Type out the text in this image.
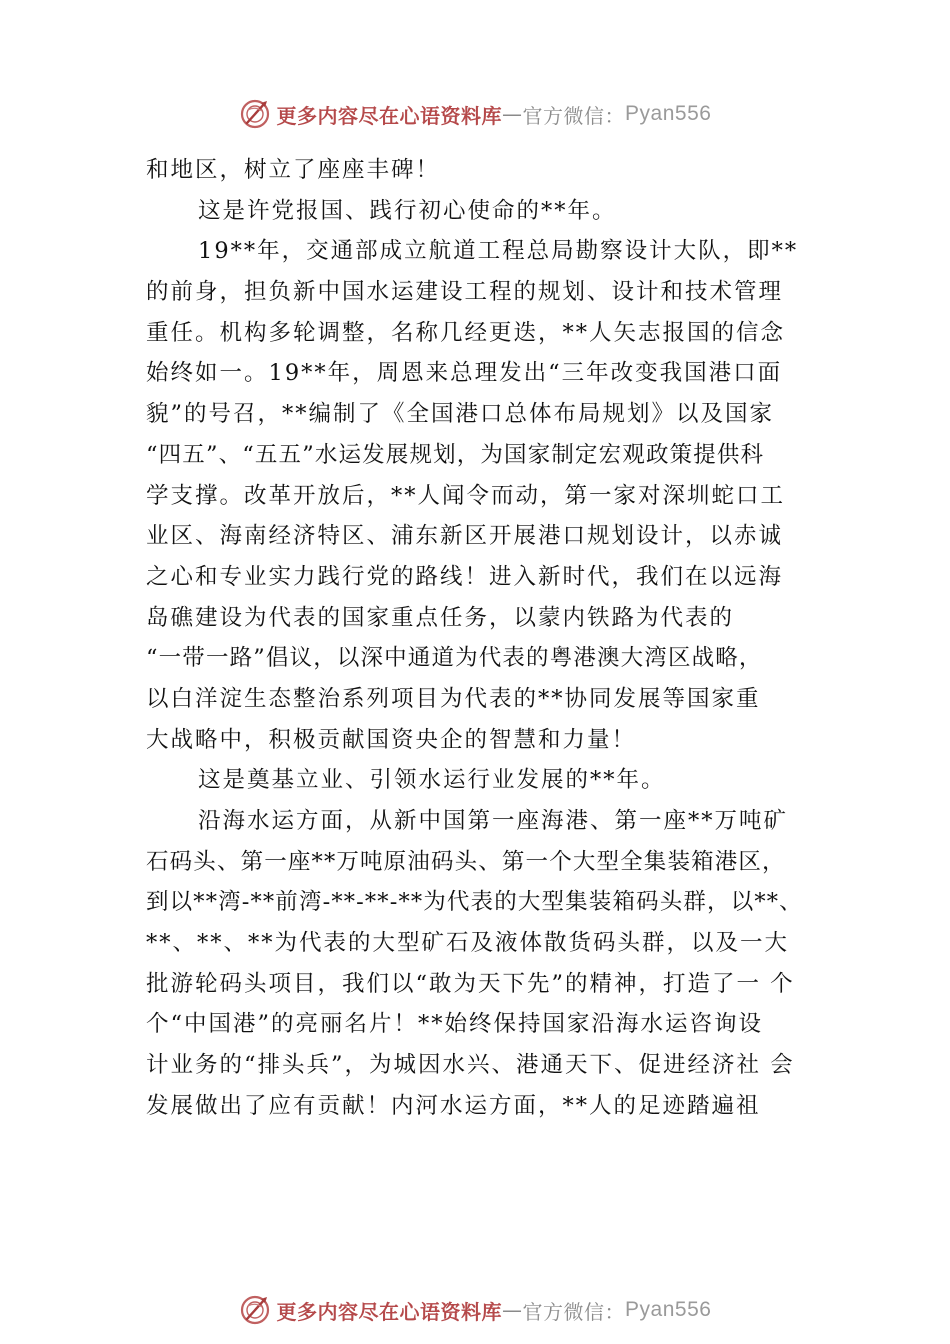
更多内容尽在心语资料库 — 官方微信： Pyan556
和地区，树立了座座丰碑！
这是许党报国、践行初心使命的**年。
19**年，交通部成立航道工程总局勘察设计大队，即**
的前身，担负新中国水运建设工程的规划、设计和技术管理
重任。机构多轮调整，名称几经更迭，**人矢志报国的信念
始终如一。19**年，周恩来总理发出“三年改变我国港口面
貌”的号召，**编制了《全国港口总体布局规划》以及国家
“四五”、“五五”水运发展规划，为国家制定宏观政策提供科
学支撑。改革开放后，**人闻令而动，第一家对深圳蛇口工
业区、海南经济特区、浦东新区开展港口规划设计，以赤诚
之心和专业实力践行党的路线！进入新时代，我们在以远海
岛礁建设为代表的国家重点任务，以蒙内铁路为代表的
“一带一路”倡议，以深中通道为代表的粤港澳大湾区战略，
以白洋淀生态整治系列项目为代表的**协同发展等国家重
大战略中，积极贡献国资央企的智慧和力量！
这是奠基立业、引领水运行业发展的**年。
沿海水运方面，从新中国第一座海港、第一座**万吨矿
石码头、第一座**万吨原油码头、第一个大型全集装箱港区，
到以**湾-**前湾-**-**-**为代表的大型集装箱码头群，以**、
**、**、**为代表的大型矿石及液体散货码头群，以及一大
批游轮码头项目，我们以“敢为天下先”的精神，打造了一 个
个“中国港”的亮丽名片！**始终保持国家沿海水运咨询设
计业务的“排头兵”，为城因水兴、港通天下、促进经济社 会
发展做出了应有贡献！内河水运方面，**人的足迹踏遍祖
更多内容尽在心语资料库 — 官方微信： Pyan556
